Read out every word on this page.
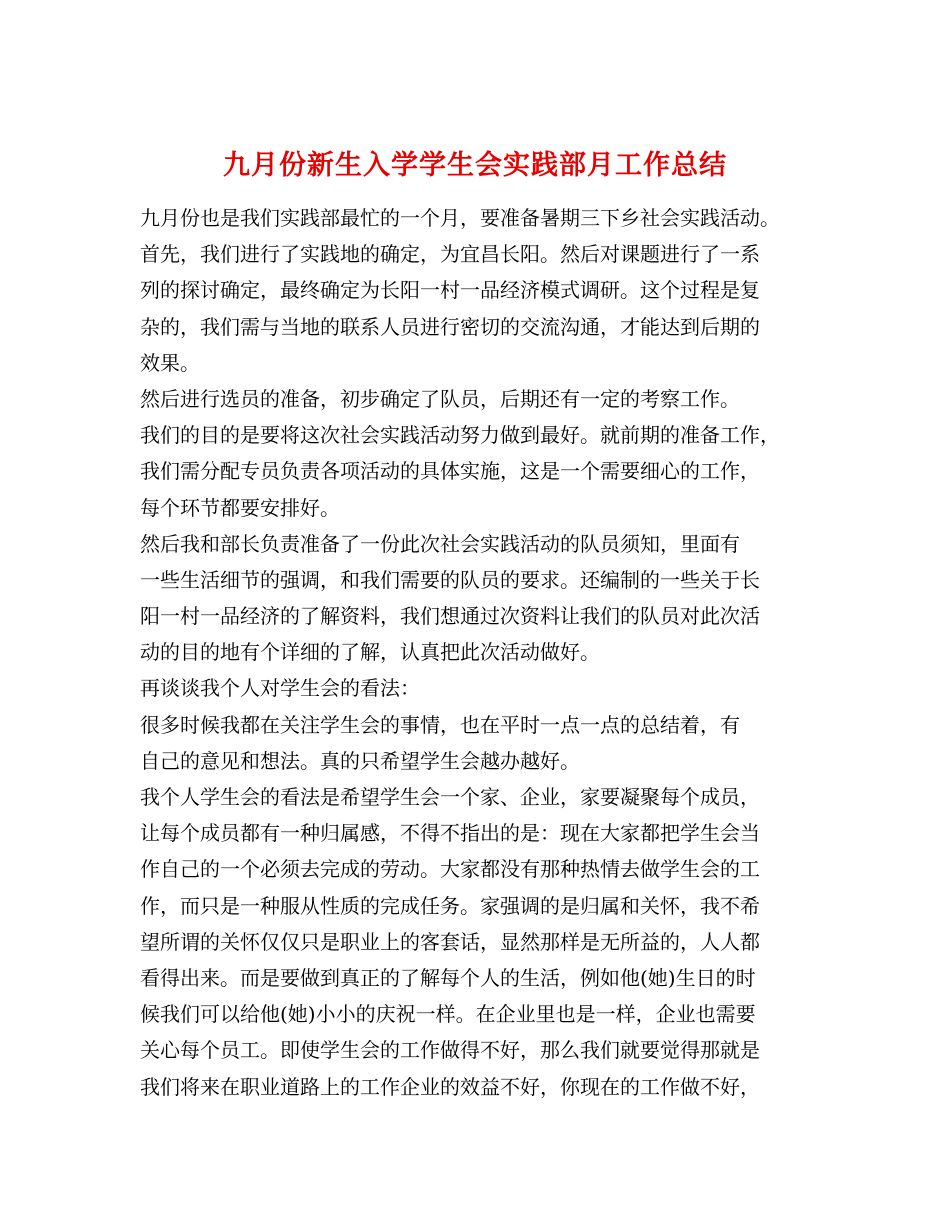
九月份新生入学学生会实践部月工作总结
九月份也是我们实践部最忙的一个月，要准备暑期三下乡社会实践活动。
首先，我们进行了实践地的确定，为宜昌长阳。然后对课题进行了一系
列的探讨确定，最终确定为长阳一村一品经济模式调研。这个过程是复
杂的，我们需与当地的联系人员进行密切的交流沟通，才能达到后期的
效果。
然后进行选员的准备，初步确定了队员，后期还有一定的考察工作。
我们的目的是要将这次社会实践活动努力做到最好。就前期的准备工作，
我们需分配专员负责各项活动的具体实施，这是一个需要细心的工作，
每个环节都要安排好。
然后我和部长负责准备了一份此次社会实践活动的队员须知，里面有
一些生活细节的强调，和我们需要的队员的要求。还编制的一些关于长
阳一村一品经济的了解资料，我们想通过次资料让我们的队员对此次活
动的目的地有个详细的了解，认真把此次活动做好。
再谈谈我个人对学生会的看法：
很多时候我都在关注学生会的事情，也在平时一点一点的总结着，有
自己的意见和想法。真的只希望学生会越办越好。
我个人学生会的看法是希望学生会一个家、企业，家要凝聚每个成员，
让每个成员都有一种归属感，不得不指出的是：现在大家都把学生会当
作自己的一个必须去完成的劳动。大家都没有那种热情去做学生会的工
作，而只是一种服从性质的完成任务。家强调的是归属和关怀，我不希
望所谓的关怀仅仅只是职业上的客套话，显然那样是无所益的，人人都
看得出来。而是要做到真正的了解每个人的生活，例如他(她)生日的时
候我们可以给他(她)小小的庆祝一样。在企业里也是一样，企业也需要
关心每个员工。即使学生会的工作做得不好，那么我们就要觉得那就是
我们将来在职业道路上的工作企业的效益不好，你现在的工作做不好，
